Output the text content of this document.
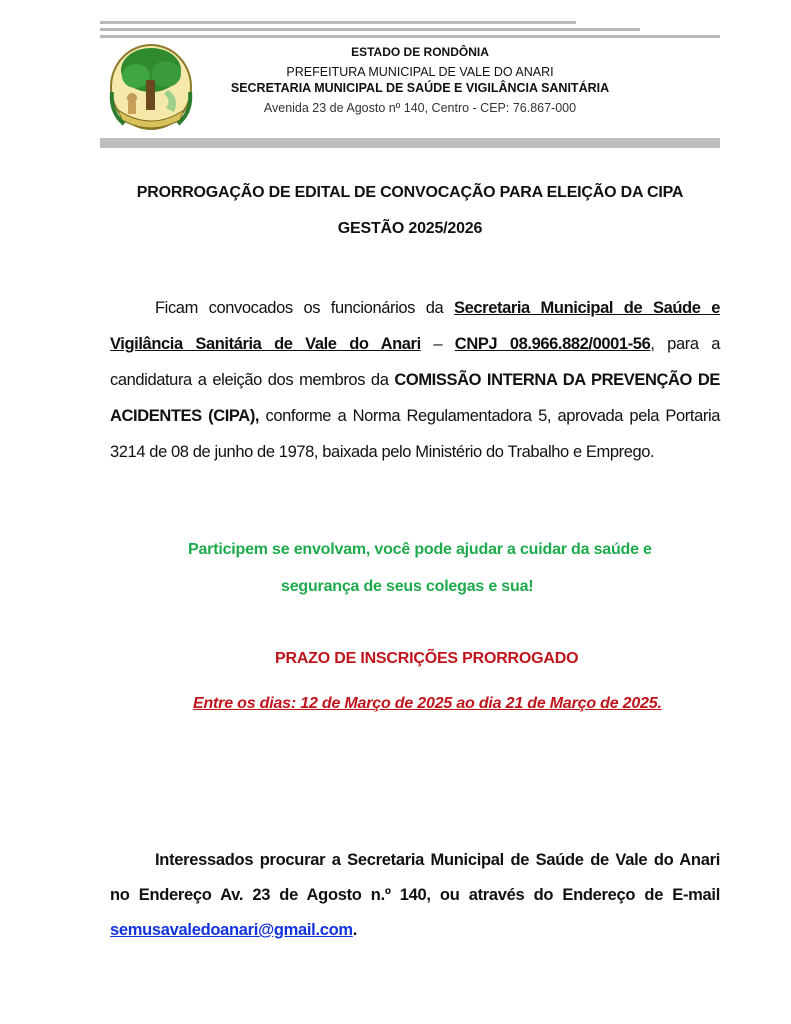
ESTADO DE RONDÔNIA
PREFEITURA MUNICIPAL DE VALE DO ANARI
SECRETARIA MUNICIPAL DE SAÚDE E VIGILÂNCIA SANITÁRIA
Avenida 23 de Agosto nº 140, Centro - CEP: 76.867-000
PRORROGAÇÃO DE EDITAL DE CONVOCAÇÃO PARA ELEIÇÃO DA CIPA
GESTÃO 2025/2026
Ficam convocados os funcionários da Secretaria Municipal de Saúde e Vigilância Sanitária de Vale do Anari – CNPJ 08.966.882/0001-56, para a candidatura a eleição dos membros da COMISSÃO INTERNA DA PREVENÇÃO DE ACIDENTES (CIPA), conforme a Norma Regulamentadora 5, aprovada pela Portaria 3214 de 08 de junho de 1978, baixada pelo Ministério do Trabalho e Emprego.
Participem se envolvam, você pode ajudar a cuidar da saúde e
segurança de seus colegas e sua!
PRAZO DE INSCRIÇÕES PRORROGADO
Entre os dias: 12 de Março de 2025 ao dia 21 de Março de 2025.
Interessados procurar a Secretaria Municipal de Saúde de Vale do Anari no Endereço Av. 23 de Agosto n.º 140, ou através do Endereço de E-mail semusavaledoanari@gmail.com.
